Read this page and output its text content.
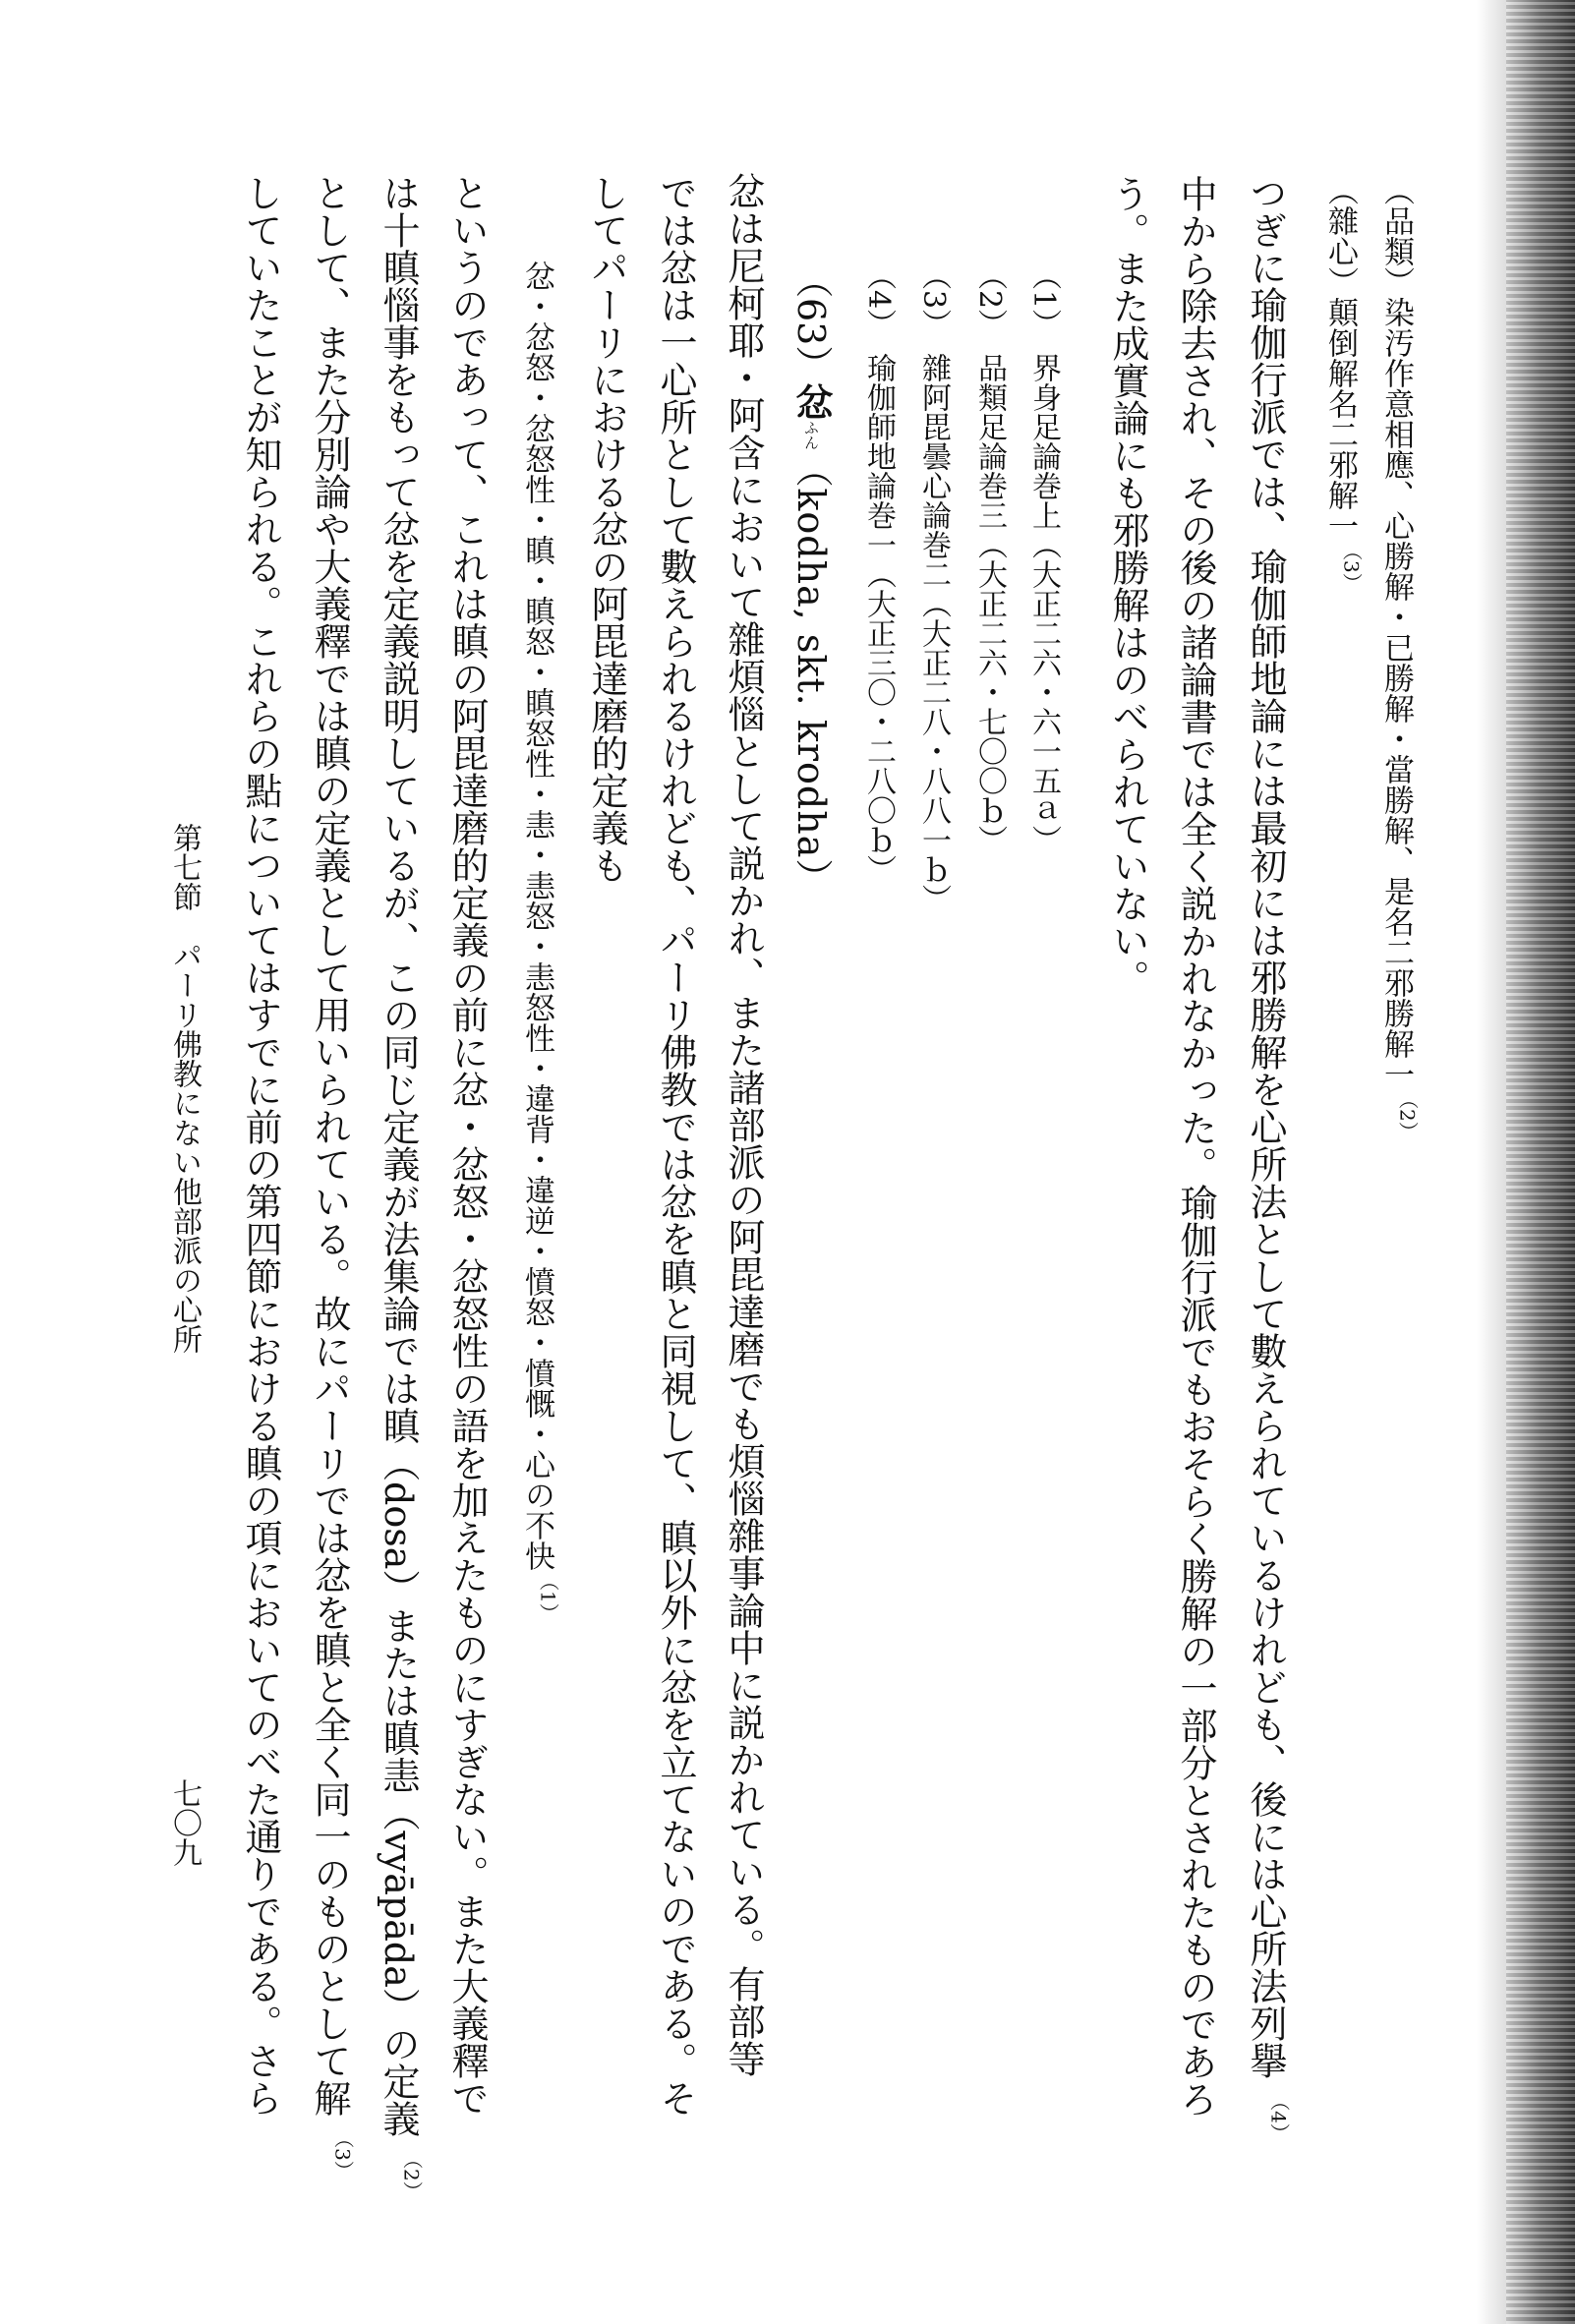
（品類）染汚作意相應、心勝解・已勝解・當勝解、是名二邪勝解一$^{(2)}$
（雜心）顛倒解名二邪解一$^{(3)}$
つぎに瑜伽行派では、瑜伽師地論には最初には邪勝解を心所法として數えられているけれども、後には心所法列擧 $^{(4)}$
中から除去され、その後の諸論書では全く説かれなかった。瑜伽行派でもおそらく勝解の一部分とされたものであろ
う。また成實論にも邪勝解はのべられていない。
（1）　界身足論巻上（大正二六・六一五ａ）
（2）　品類足論巻三（大正二六・七〇〇ｂ）
（3）　雜阿毘曇心論巻二（大正二八・八八一ｂ）
（4）　瑜伽師地論巻一（大正三〇・二八〇ｂ）
（63）忿ふん（kodha, skt. krodha）
忿は尼柯耶・阿含において雜煩惱として説かれ、また諸部派の阿毘達磨でも煩惱雜事論中に説かれている。有部等
では忿は一心所として數えられるけれども、パーリ佛教では忿を瞋と同視して、瞋以外に忿を立てないのである。そ
してパーリにおける忿の阿毘達磨的定義も
忿・忿怒・忿怒性・瞋・瞋怒・瞋怒性・恚・恚怒・恚怒性・違背・違逆・憤怒・憤慨・心の不快$^{(1)}$
というのであって、これは瞋の阿毘達磨的定義の前に忿・忿怒・忿怒性の語を加えたものにすぎない。また大義釋で
は十瞋惱事をもって忿を定義説明しているが、この同じ定義が法集論では瞋（dosa）または瞋恚（vyāpāda）の定義 $^{(2)}$
として、また分別論や大義釋では瞋の定義として用いられている。故にパーリでは忿を瞋と全く同一のものとして解 $^{(3)}$
していたことが知られる。これらの點についてはすでに前の第四節における瞋の項においてのべた通りである。さら
第七節　パーリ佛教にない他部派の心所
七〇九
